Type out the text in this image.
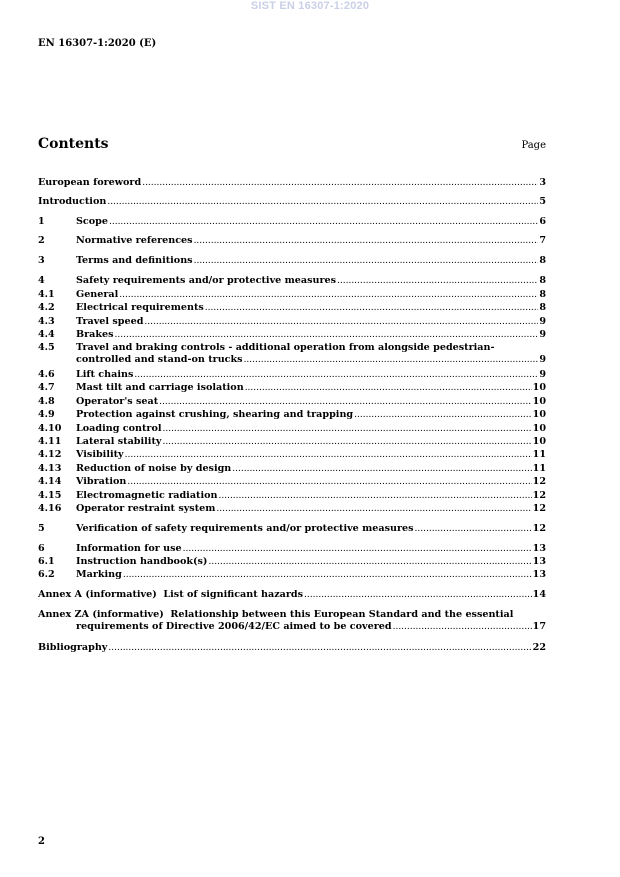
SIST EN 16307-1:2020
EN 16307-1:2020 (E)
Contents	Page
European foreword .....	3
Introduction .....	5
1	Scope .....	6
2	Normative references .....	7
3	Terms and definitions .....	8
4	Safety requirements and/or protective measures .....	8
4.1 General .....	8
4.2 Electrical requirements .....	8
4.3 Travel speed .....	9
4.4 Brakes .....	9
4.5 Travel and braking controls - additional operation from alongside pedestrian-
controlled and stand-on trucks .....	9
4.6 Lift chains .....	9
4.7 Mast tilt and carriage isolation .....	10
4.8 Operator's seat .....	10
4.9 Protection against crushing, shearing and trapping .....	10
4.10 Loading control .....	10
4.11 Lateral stability .....	10
4.12 Visibility .....	11
4.13 Reduction of noise by design .....	11
4.14 Vibration .....	12
4.15 Electromagnetic radiation .....	12
4.16 Operator restraint system .....	12
5	Verification of safety requirements and/or protective measures .....	12
6	Information for use .....	13
6.1 Instruction handbook(s) .....	13
6.2 Marking .....	13
Annex A (informative)  List of significant hazards .....	14
Annex ZA (informative)  Relationship between this European Standard and the essential
requirements of Directive 2006/42/EC aimed to be covered .....	17
Bibliography .....	22
2
